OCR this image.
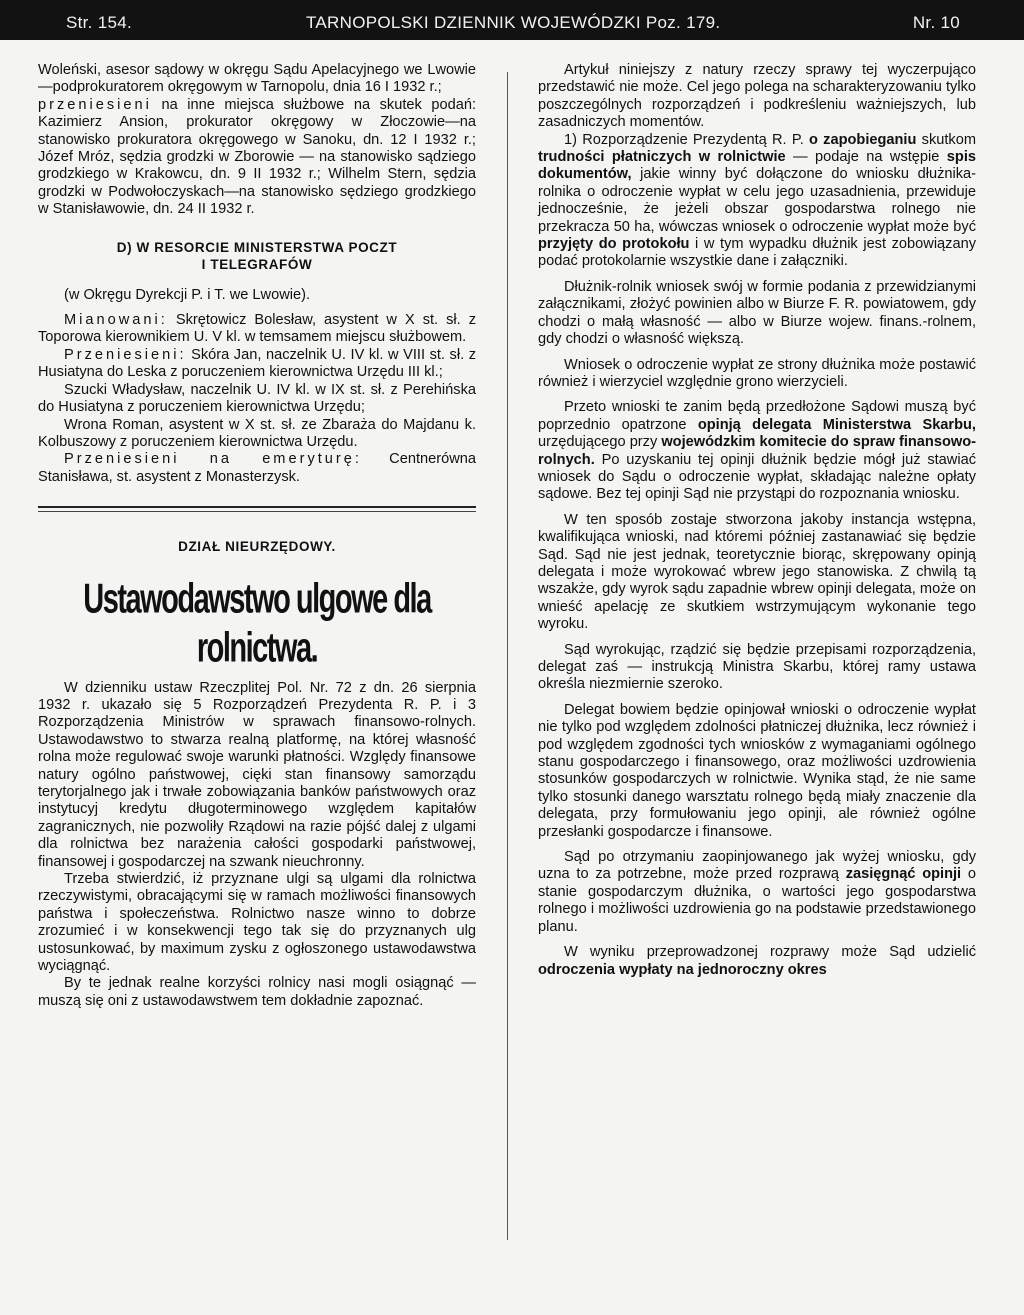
Str. 154.	TARNOPOLSKI DZIENNIK WOJEWÓDZKI Poz. 179.	Nr. 10

Woleński, asesor sądowy w okręgu Sądu Apelacyjnego we Lwowie—podprokuratorem okręgowym w Tarnopolu, dnia 16 I 1932 r.;

przeniesieni na inne miejsca służbowe na skutek podań: Kazimierz Ansion, prokurator okręgowy w Złoczowie—na stanowisko prokuratora okręgowego w Sanoku, dn. 12 I 1932 r.; Józef Mróz, sędzia grodzki w Zborowie — na stanowisko sądziego grodzkiego w Krakowcu, dn. 9 II 1932 r.; Wilhelm Stern, sędzia grodzki w Podwołoczyskach—na stanowisko sędziego grodzkiego w Stanisławowie, dn. 24 II 1932 r.

D) W RESORCIE MINISTERSTWA POCZT
I TELEGRAFÓW

(w Okręgu Dyrekcji P. i T. we Lwowie).

Mianowani: Skrętowicz Bolesław, asystent w X st. sł. z Toporowa kierownikiem U. V kl. w temsamem miejscu służbowem.

Przeniesieni: Skóra Jan, naczelnik U. IV kl. w VIII st. sł. z Husiatyna do Leska z poruczeniem kierownictwa Urzędu III kl.;

Szucki Władysław, naczelnik U. IV kl. w IX st. sł. z Perehińska do Husiatyna z poruczeniem kierownictwa Urzędu;

Wrona Roman, asystent w X st. sł. ze Zbaraża do Majdanu k. Kolbuszowy z poruczeniem kierownictwa Urzędu.

Przeniesieni na emeryturę: Centnerówna Stanisława, st. asystent z Monasterzysk.

DZIAŁ NIEURZĘDOWY.
Ustawodawstwo ulgowe dla rolnictwa.

W dzienniku ustaw Rzeczplitej Pol. Nr. 72 z dn. 26 sierpnia 1932 r. ukazało się 5 Rozporządzeń Prezydenta R. P. i 3 Rozporządzenia Ministrów w sprawach finansowo-rolnych. Ustawodawstwo to stwarza realną platformę, na której własność rolna może regulować swoje warunki płatności. Względy finansowe natury ogólno państwowej, cięki stan finansowy samorządu terytorjalnego jak i trwałe zobowiązania banków państwowych oraz instytucyj kredytu długoterminowego względem kapitałów zagranicznych, nie pozwoliły Rządowi na razie pójść dalej z ulgami dla rolnictwa bez narażenia całości gospodarki państwowej, finansowej i gospodarczej na szwank nieuchronny.

Trzeba stwierdzić, iż przyznane ulgi są ulgami dla rolnictwa rzeczywistymi, obracającymi się w ramach możliwości finansowych państwa i społeczeństwa. Rolnictwo nasze winno to dobrze zrozumieć i w konsekwencji tego tak się do przyznanych ulg ustosunkować, by maximum zysku z ogłoszonego ustawodawstwa wyciągnąć.

By te jednak realne korzyści rolnicy nasi mogli osiągnąć — muszą się oni z ustawodawstwem tem dokładnie zapoznać.

Artykuł niniejszy z natury rzeczy sprawy tej wyczerpująco przedstawić nie może. Cel jego polega na scharakteryzowaniu tylko poszczególnych rozporządzeń i podkreśleniu ważniejszych, lub zasadniczych momentów.

1) Rozporządzenie Prezydentą R. P. o zapobieganiu skutkom trudności płatniczych w rolnictwie — podaje na wstępie spis dokumentów, jakie winny być dołączone do wniosku dłużnika-rolnika o odroczenie wypłat w celu jego uzasadnienia, przewiduje jednocześnie, że jeżeli obszar gospodarstwa rolnego nie przekracza 50 ha, wówczas wniosek o odroczenie wypłat może być przyjęty do protokołu i w tym wypadku dłużnik jest zobowiązany podać protokolarnie wszystkie dane i załączniki.

Dłużnik-rolnik wniosek swój w formie podania z przewidzianymi załącznikami, złożyć powinien albo w Biurze F. R. powiatowem, gdy chodzi o małą własność — albo w Biurze wojew. finans.-rolnem, gdy chodzi o własność większą.

Wniosek o odroczenie wypłat ze strony dłużnika może postawić również i wierzyciel względnie grono wierzycieli.

Przeto wnioski te zanim będą przedłożone Sądowi muszą być poprzednio opatrzone opinją delegata Ministerstwa Skarbu, urzędującego przy wojewódzkim komitecie do spraw finansowo-rolnych. Po uzyskaniu tej opinji dłużnik będzie mógł już stawiać wniosek do Sądu o odroczenie wypłat, składając należne opłaty sądowe. Bez tej opinji Sąd nie przystąpi do rozpoznania wniosku.

W ten sposób zostaje stworzona jakoby instancja wstępna, kwalifikująca wnioski, nad któremi później zastanawiać się będzie Sąd. Sąd nie jest jednak, teoretycznie biorąc, skrępowany opinją delegata i może wyrokować wbrew jego stanowiska. Z chwilą tą wszakże, gdy wyrok sądu zapadnie wbrew opinji delegata, może on wnieść apelację ze skutkiem wstrzymującym wykonanie tego wyroku.

Sąd wyrokując, rządzić się będzie przepisami rozporządzenia, delegat zaś — instrukcją Ministra Skarbu, której ramy ustawa określa niezmiernie szeroko.

Delegat bowiem będzie opinjował wnioski o odroczenie wypłat nie tylko pod względem zdolności płatniczej dłużnika, lecz również i pod względem zgodności tych wniosków z wymaganiami ogólnego stanu gospodarczego i finansowego, oraz możliwości uzdrowienia stosunków gospodarczych w rolnictwie. Wynika stąd, że nie same tylko stosunki danego warsztatu rolnego będą miały znaczenie dla delegata, przy formułowaniu jego opinji, ale również ogólne przesłanki gospodarcze i finansowe.

Sąd po otrzymaniu zaopinjowanego jak wyżej wniosku, gdy uzna to za potrzebne, może przed rozprawą zasięgnąć opinji o stanie gospodarczym dłużnika, o wartości jego gospodarstwa rolnego i możliwości uzdrowienia go na podstawie przedstawionego planu.

W wyniku przeprowadzonej rozprawy może Sąd udzielić odroczenia wypłaty na jednoroczny okres
